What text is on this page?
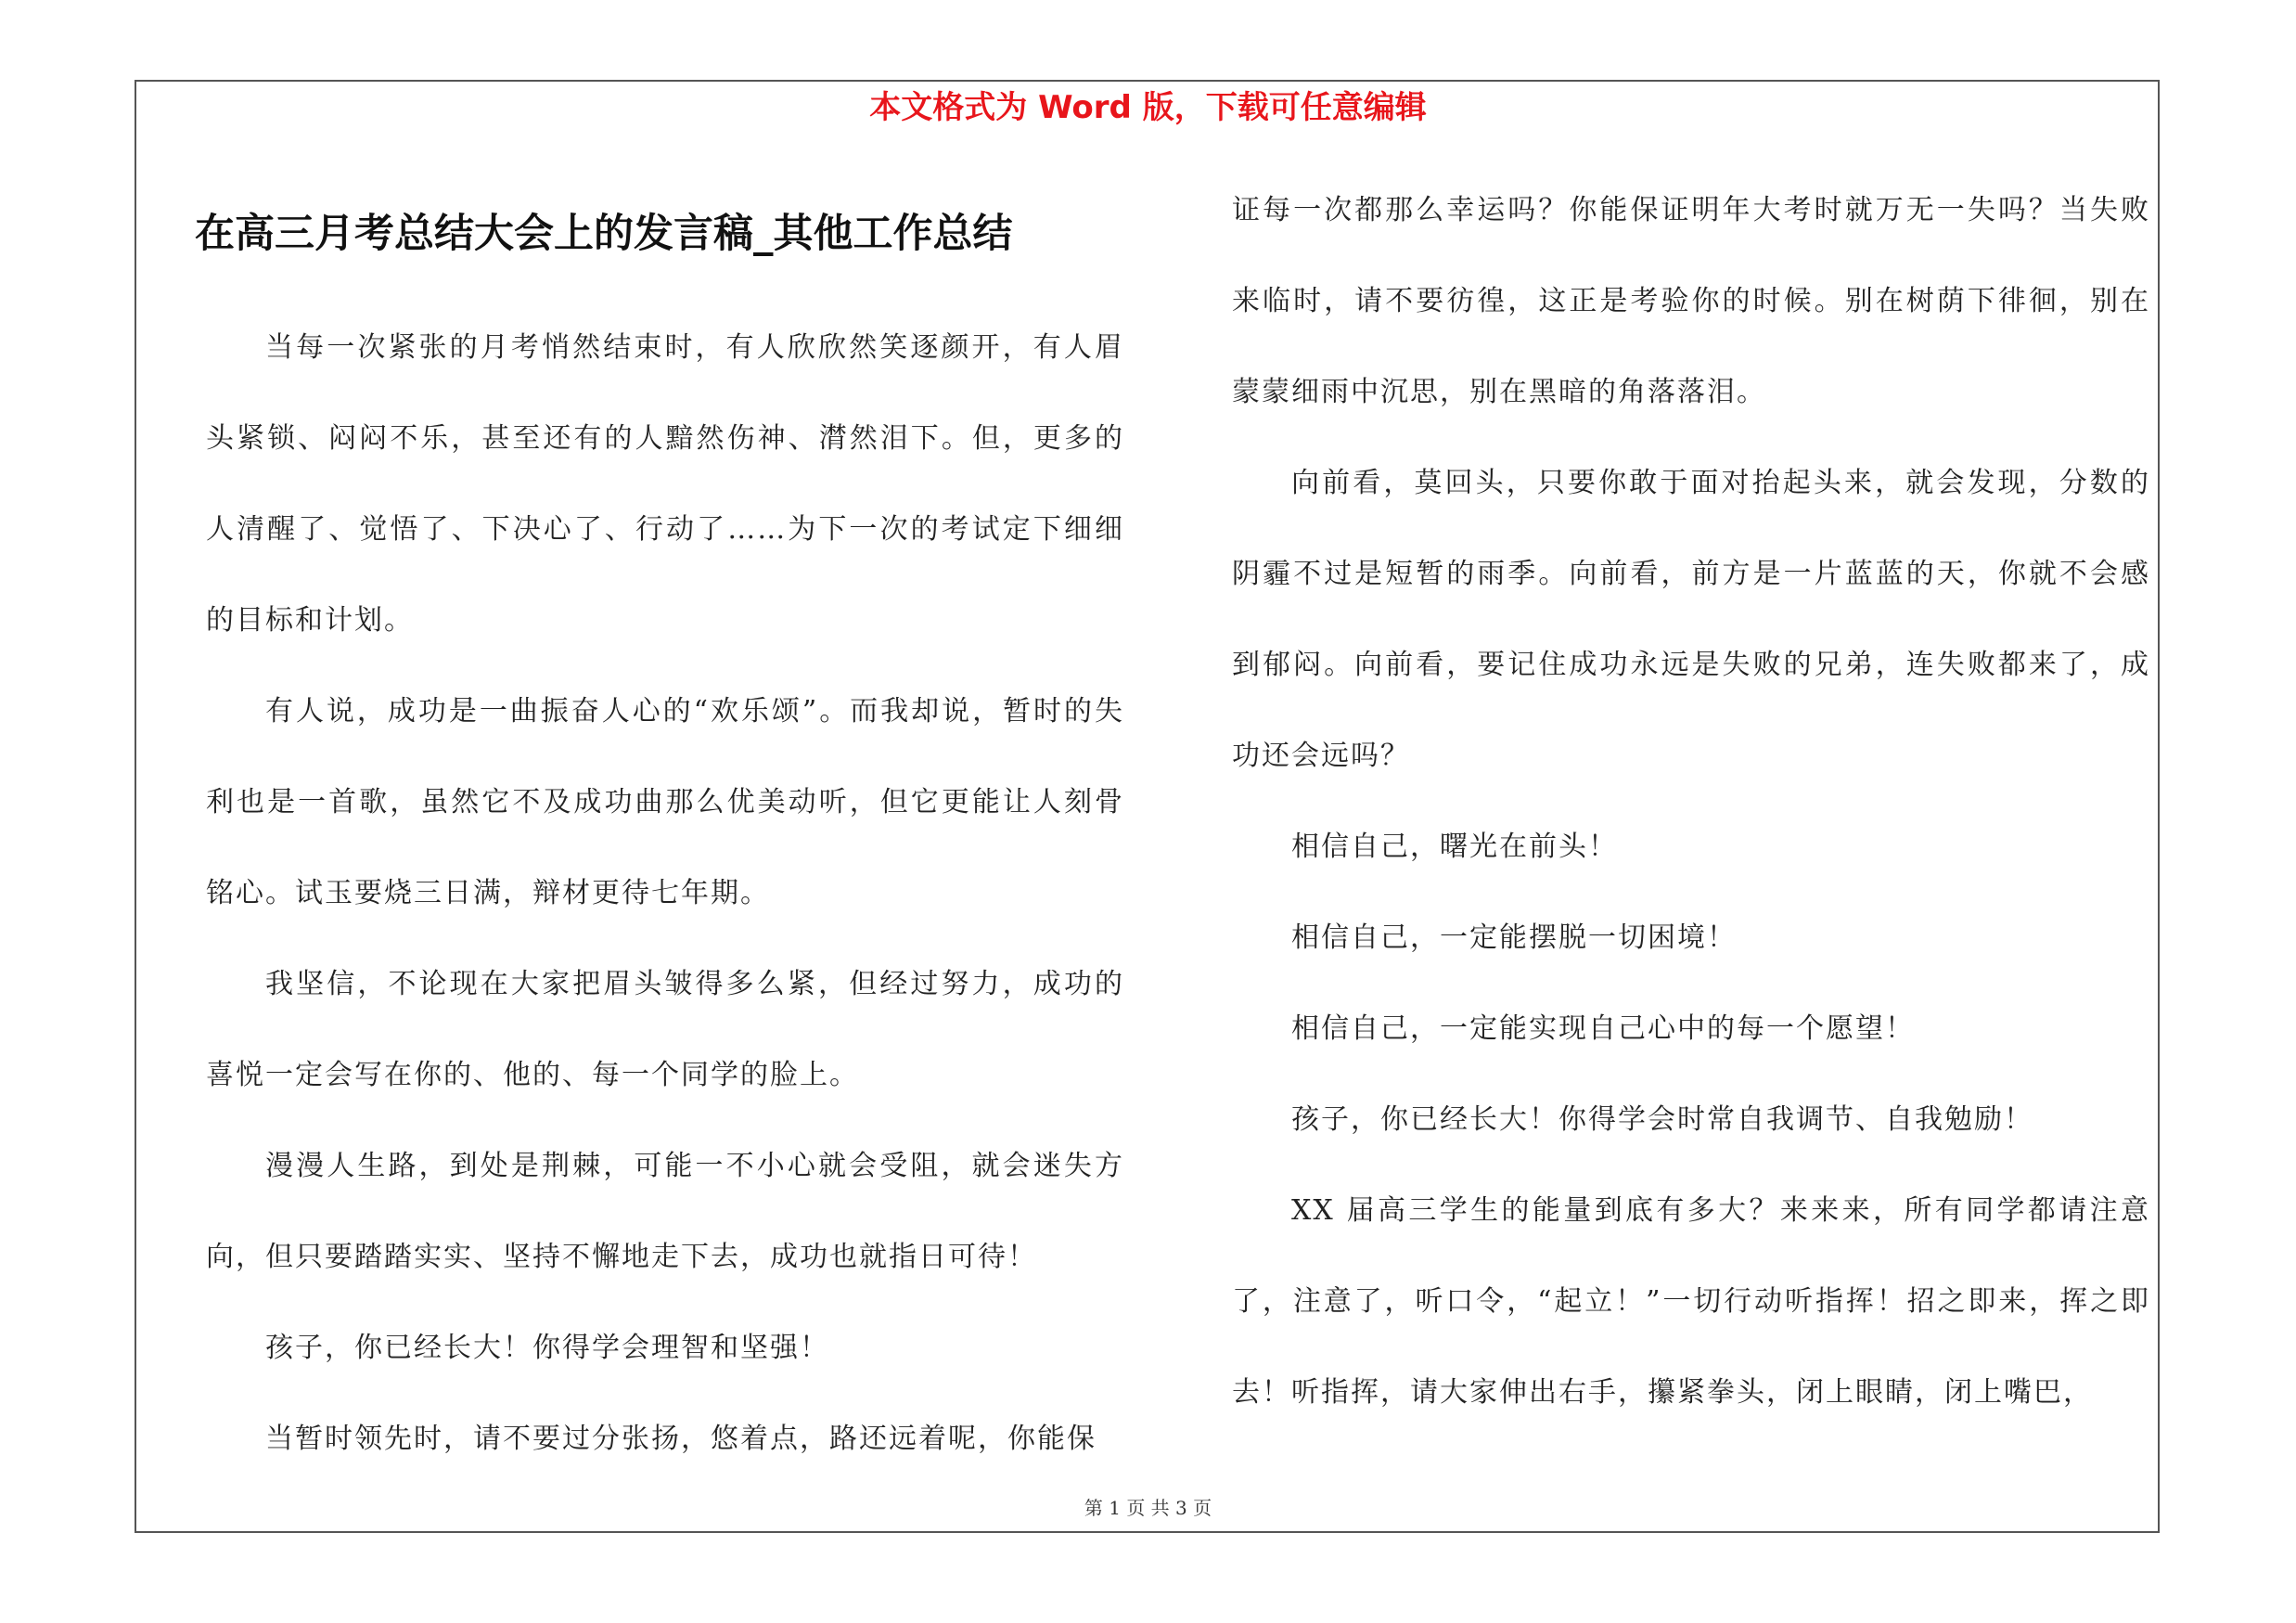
本文格式为 Word 版，下载可任意编辑
在高三月考总结大会上的发言稿_其他工作总结

当每一次紧张的月考悄然结束时，有人欣欣然笑逐颜开，有人眉头紧锁、闷闷不乐，甚至还有的人黯然伤神、潸然泪下。但，更多的人清醒了、觉悟了、下决心了、行动了……为下一次的考试定下细细的目标和计划。

有人说，成功是一曲振奋人心的“欢乐颂”。而我却说，暂时的失利也是一首歌，虽然它不及成功曲那么优美动听，但它更能让人刻骨铭心。试玉要烧三日满，辩材更待七年期。

我坚信，不论现在大家把眉头皱得多么紧，但经过努力，成功的喜悦一定会写在你的、他的、每一个同学的脸上。

漫漫人生路，到处是荆棘，可能一不小心就会受阻，就会迷失方向，但只要踏踏实实、坚持不懈地走下去，成功也就指日可待！

孩子，你已经长大！你得学会理智和坚强！

当暂时领先时，请不要过分张扬，悠着点，路还远着呢，你能保

证每一次都那么幸运吗？你能保证明年大考时就万无一失吗？当失败来临时，请不要彷徨，这正是考验你的时候。别在树荫下徘徊，别在蒙蒙细雨中沉思，别在黑暗的角落落泪。

向前看，莫回头，只要你敢于面对抬起头来，就会发现，分数的阴霾不过是短暂的雨季。向前看，前方是一片蓝蓝的天，你就不会感到郁闷。向前看，要记住成功永远是失败的兄弟，连失败都来了，成功还会远吗？

相信自己，曙光在前头！

相信自己，一定能摆脱一切困境！

相信自己，一定能实现自己心中的每一个愿望！

孩子，你已经长大！你得学会时常自我调节、自我勉励！

XX 届高三学生的能量到底有多大？来来来，所有同学都请注意了，注意了，听口令，“起立！”一切行动听指挥！招之即来，挥之即去！听指挥，请大家伸出右手，攥紧拳头，闭上眼睛，闭上嘴巴，

第 1 页 共 3 页
